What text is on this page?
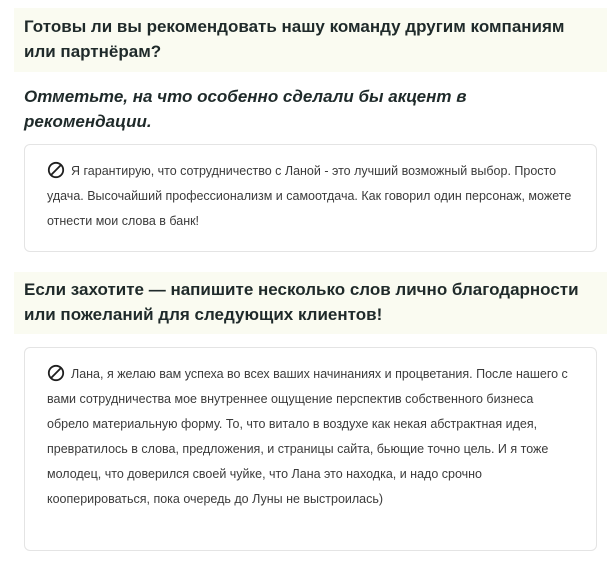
Готовы ли вы рекомендовать нашу команду другим компаниям или партнёрам?

Отметьте, на что особенно сделали бы акцент в рекомендации.

Я гарантирую, что сотрудничество с Ланой - это лучший возможный выбор. Просто удача. Высочайший профессионализм и самоотдача. Как говорил один персонаж, можете отнести мои слова в банк!

Если захотите — напишите несколько слов лично благодарности или пожеланий для следующих клиентов!

Лана, я желаю вам успеха во всех ваших начинаниях и процветания. После нашего с вами сотрудничества мое внутреннее ощущение перспектив собственного бизнеса обрело материальную форму. То, что витало в воздухе как некая абстрактная идея, превратилось в слова, предложения, и страницы сайта, бьющие точно цель. И я тоже молодец, что доверился своей чуйке, что Лана это находка, и надо срочно кооперироваться, пока очередь до Луны не выстроилась)
